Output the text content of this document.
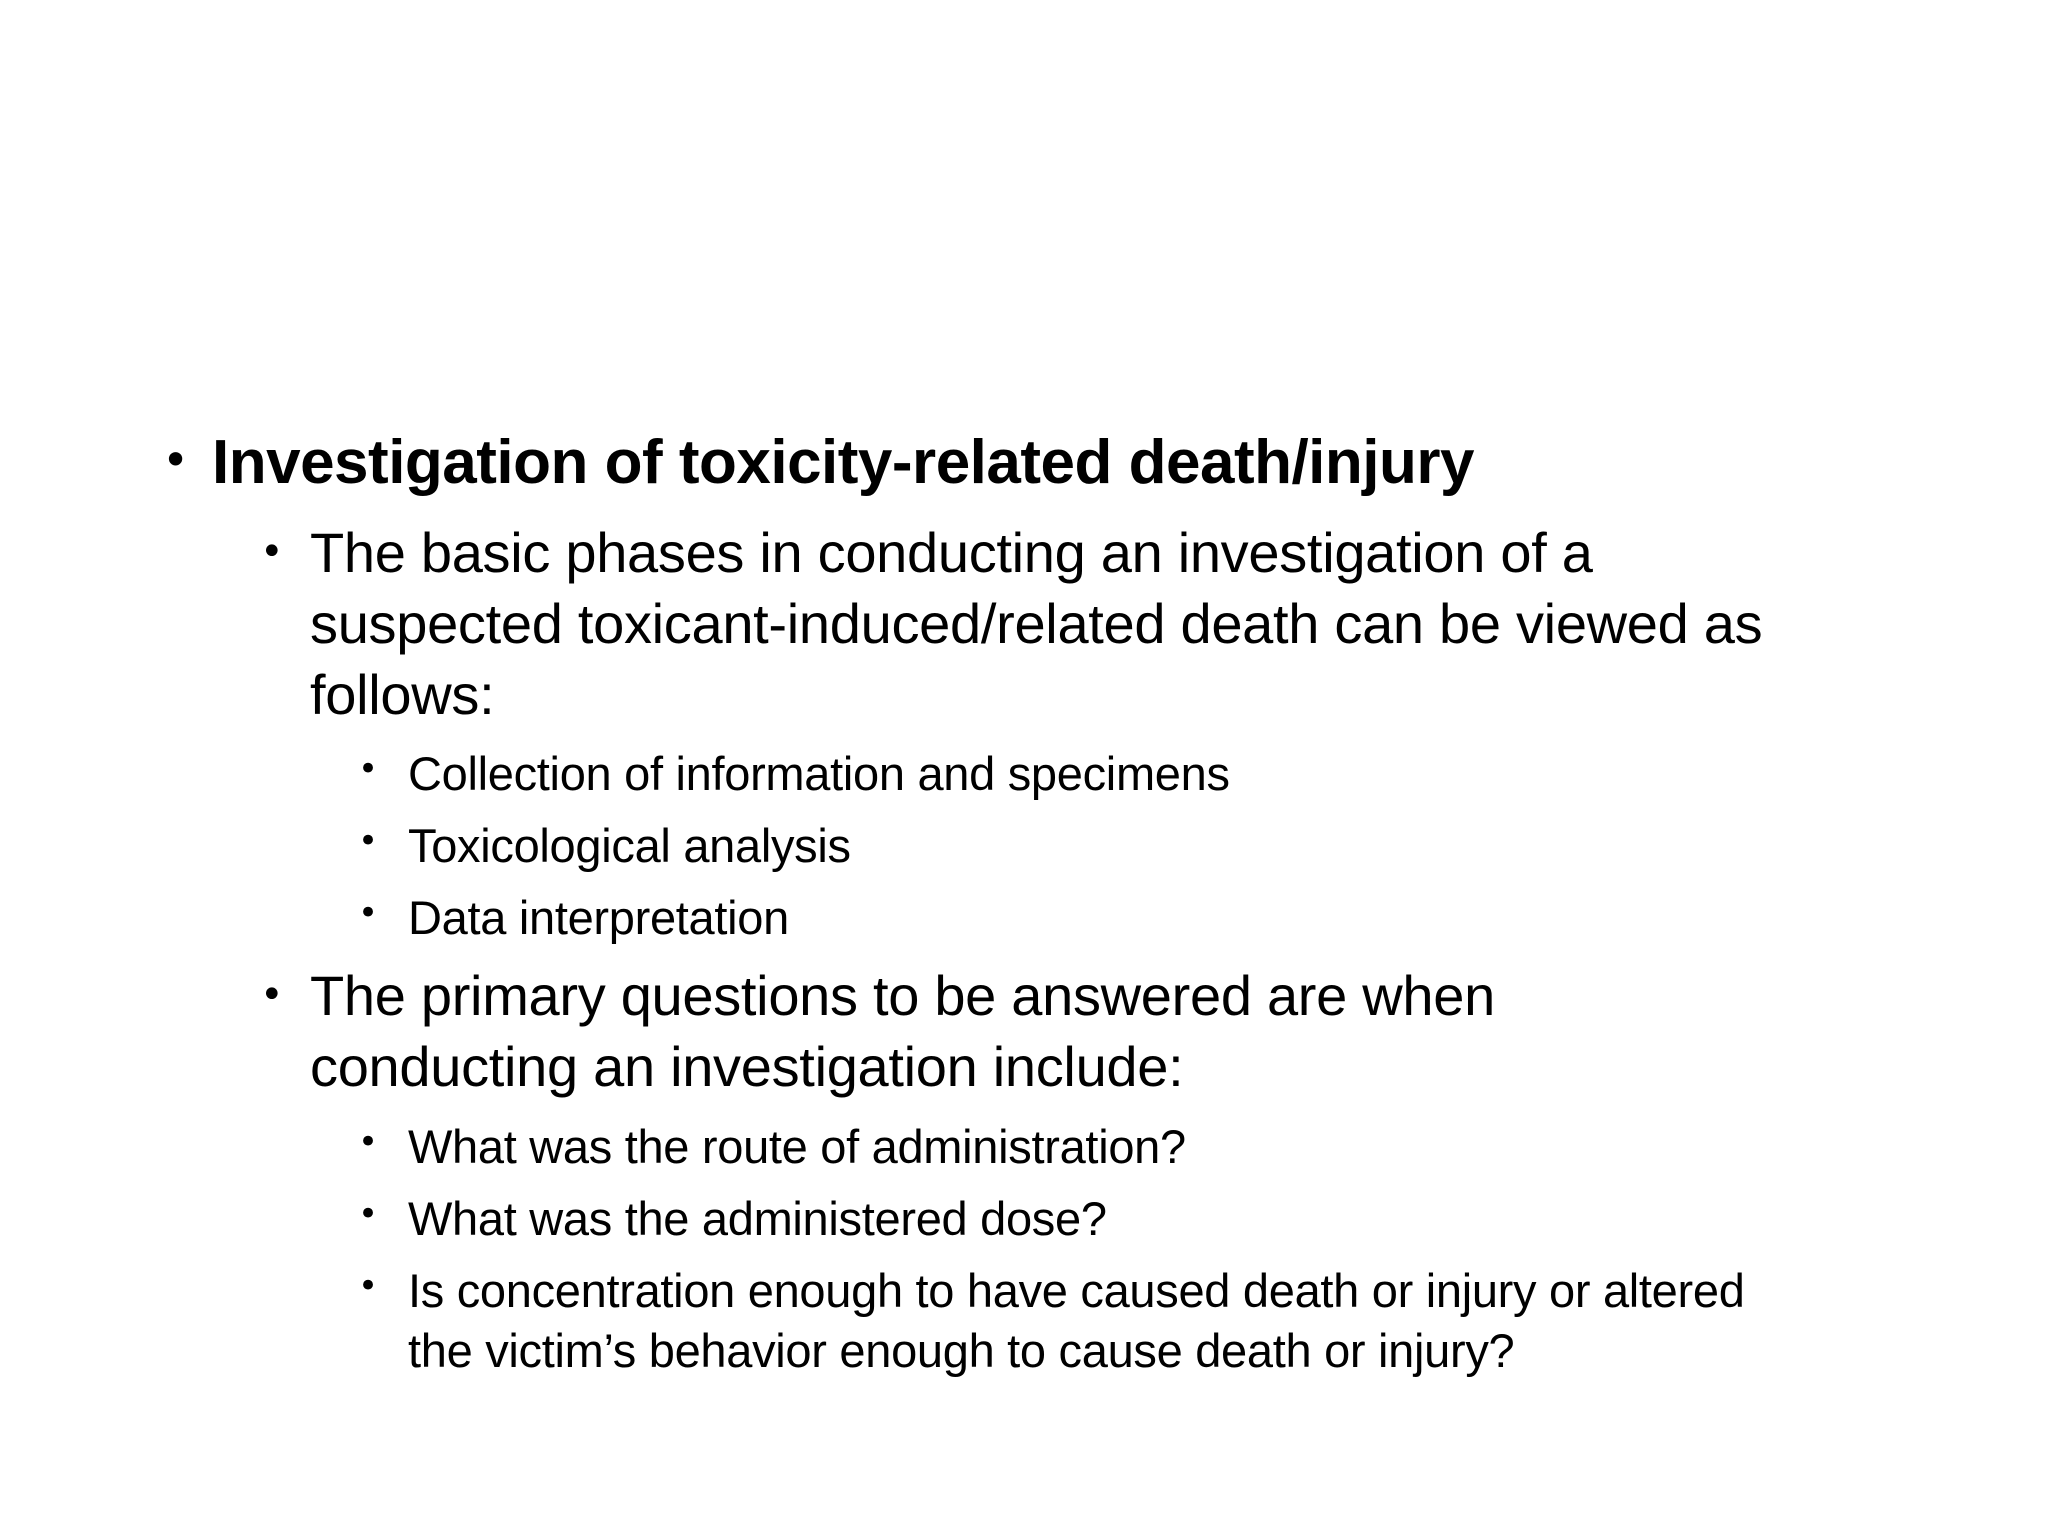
• Investigation of toxicity-related death/injury
• The basic phases in conducting an investigation of a
suspected toxicant-induced/related death can be viewed as
follows:
• Collection of information and specimens
• Toxicological analysis
• Data interpretation
• The primary questions to be answered are when
conducting an investigation include:
• What was the route of administration?
• What was the administered dose?
• Is concentration enough to have caused death or injury or altered
the victim’s behavior enough to cause death or injury?
